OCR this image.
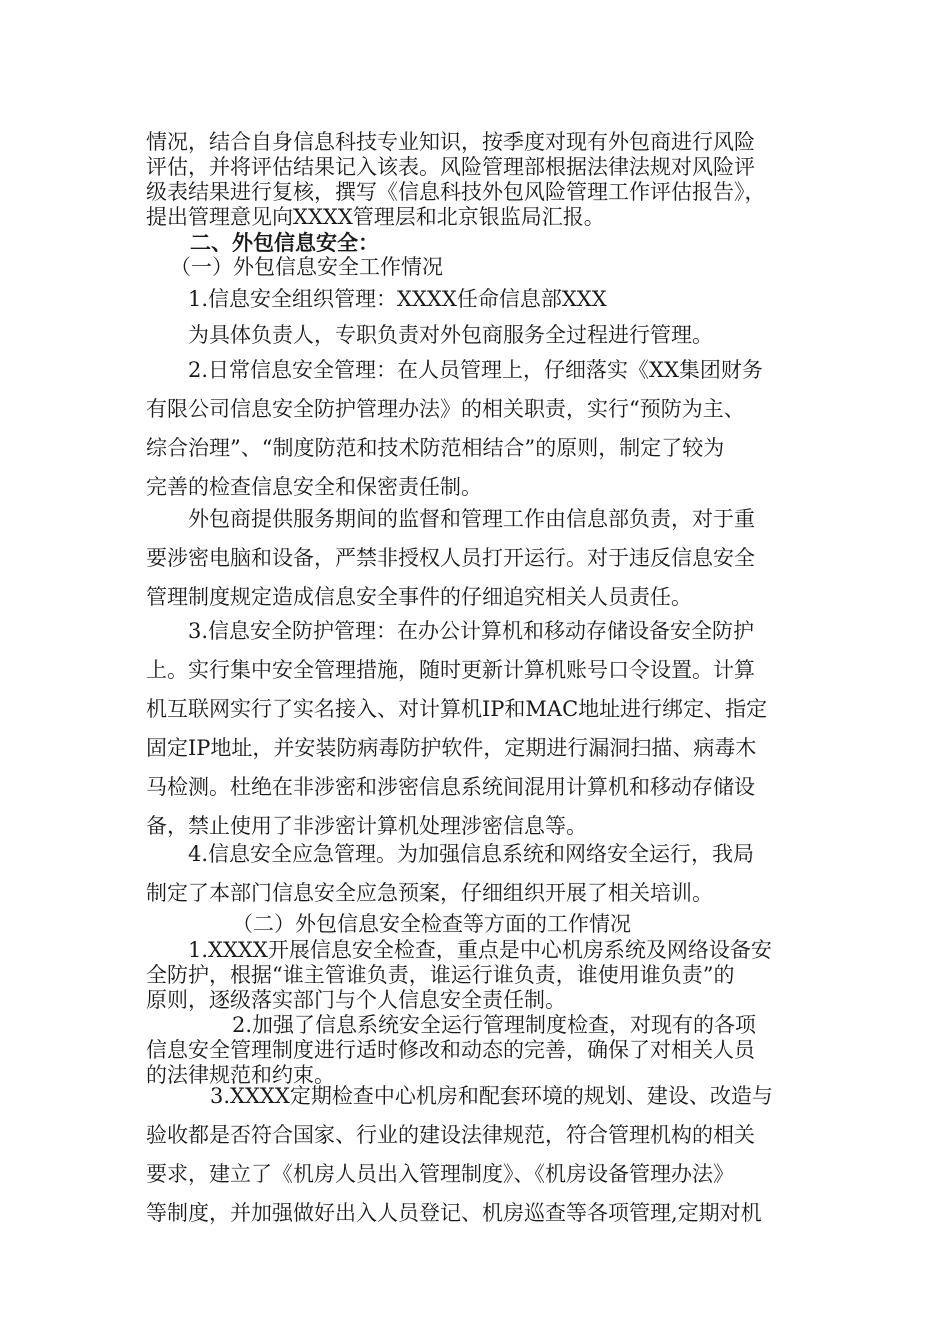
情况，结合自身信息科技专业知识，按季度对现有外包商进行风险
评估，并将评估结果记入该表。风险管理部根据法律法规对风险评
级表结果进行复核，撰写《信息科技外包风险管理工作评估报告》，
提出管理意见向XXXX管理层和北京银监局汇报。
二、外包信息安全：
（一）外包信息安全工作情况
1.信息安全组织管理：XXXX任命信息部XXX
为具体负责人，专职负责对外包商服务全过程进行管理。
2.日常信息安全管理：在人员管理上，仔细落实《XX集团财务
有限公司信息安全防护管理办法》的相关职责，实行“预防为主、
综合治理”、“制度防范和技术防范相结合”的原则，制定了较为
完善的检查信息安全和保密责任制。
外包商提供服务期间的监督和管理工作由信息部负责，对于重
要涉密电脑和设备，严禁非授权人员打开运行。对于违反信息安全
管理制度规定造成信息安全事件的仔细追究相关人员责任。
3.信息安全防护管理：在办公计算机和移动存储设备安全防护
上。实行集中安全管理措施，随时更新计算机账号口令设置。计算
机互联网实行了实名接入、对计算机IP和MAC地址进行绑定、指定
固定IP地址，并安装防病毒防护软件，定期进行漏洞扫描、病毒木
马检测。杜绝在非涉密和涉密信息系统间混用计算机和移动存储设
备，禁止使用了非涉密计算机处理涉密信息等。
4.信息安全应急管理。为加强信息系统和网络安全运行，我局
制定了本部门信息安全应急预案，仔细组织开展了相关培训。
（二）外包信息安全检查等方面的工作情况
1.XXXX开展信息安全检查，重点是中心机房系统及网络设备安
全防护，根据“谁主管谁负责，谁运行谁负责，谁使用谁负责”的
原则，逐级落实部门与个人信息安全责任制。
2.加强了信息系统安全运行管理制度检查，对现有的各项
信息安全管理制度进行适时修改和动态的完善，确保了对相关人员
的法律规范和约束。
3.XXXX定期检查中心机房和配套环境的规划、建设、改造与
验收都是否符合国家、行业的建设法律规范，符合管理机构的相关
要求，建立了《机房人员出入管理制度》、《机房设备管理办法》
等制度，并加强做好出入人员登记、机房巡查等各项管理,定期对机
